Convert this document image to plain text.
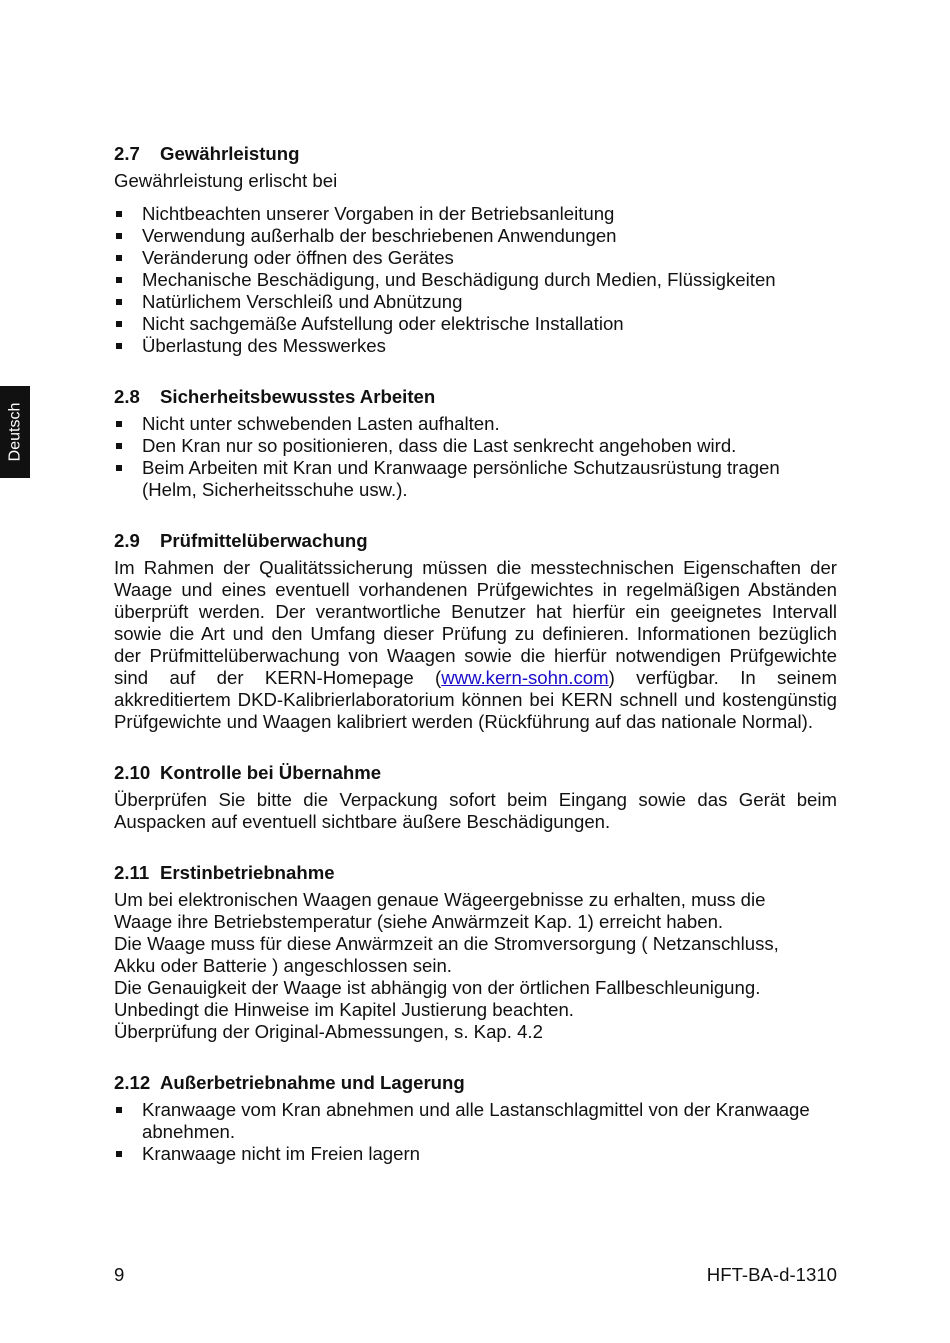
Deutsch

2.7 Gewährleistung

Gewährleistung erlischt bei

Nichtbeachten unserer Vorgaben in der Betriebsanleitung
Verwendung außerhalb der beschriebenen Anwendungen
Veränderung oder öffnen des Gerätes
Mechanische Beschädigung, und Beschädigung durch Medien, Flüssigkeiten
Natürlichem Verschleiß und Abnützung
Nicht sachgemäße Aufstellung oder elektrische Installation
Überlastung des Messwerkes

2.8 Sicherheitsbewusstes Arbeiten

Nicht unter schwebenden Lasten aufhalten.
Den Kran nur so positionieren, dass die Last senkrecht angehoben wird.
Beim Arbeiten mit Kran und Kranwaage persönliche Schutzausrüstung tragen (Helm, Sicherheitsschuhe usw.).

2.9 Prüfmittelüberwachung

Im Rahmen der Qualitätssicherung müssen die messtechnischen Eigenschaften der Waage und eines eventuell vorhandenen Prüfgewichtes in regelmäßigen Abständen überprüft werden. Der verantwortliche Benutzer hat hierfür ein geeignetes Intervall sowie die Art und den Umfang dieser Prüfung zu definieren. Informationen bezüglich der Prüfmittelüberwachung von Waagen sowie die hierfür notwendigen Prüfgewichte sind auf der KERN-Homepage (www.kern-sohn.com) verfügbar. In seinem akkreditiertem DKD-Kalibrierlaboratorium können bei KERN schnell und kostengünstig Prüfgewichte und Waagen kalibriert werden (Rückführung auf das nationale Normal).

2.10 Kontrolle bei Übernahme

Überprüfen Sie bitte die Verpackung sofort beim Eingang sowie das Gerät beim Auspacken auf eventuell sichtbare äußere Beschädigungen.

2.11 Erstinbetriebnahme

Um bei elektronischen Waagen genaue Wägeergebnisse zu erhalten, muss die

Waage ihre Betriebstemperatur (siehe Anwärmzeit Kap. 1) erreicht haben.

Die Waage muss für diese Anwärmzeit an die Stromversorgung ( Netzanschluss,

Akku oder Batterie ) angeschlossen sein.

Die Genauigkeit der Waage ist abhängig von der örtlichen Fallbeschleunigung.

Unbedingt die Hinweise im Kapitel Justierung beachten.

Überprüfung der Original-Abmessungen, s. Kap. 4.2

2.12 Außerbetriebnahme und Lagerung

Kranwaage vom Kran abnehmen und alle Lastanschlagmittel von der Kranwaage abnehmen.
Kranwaage nicht im Freien lagern
9	HFT-BA-d-1310
